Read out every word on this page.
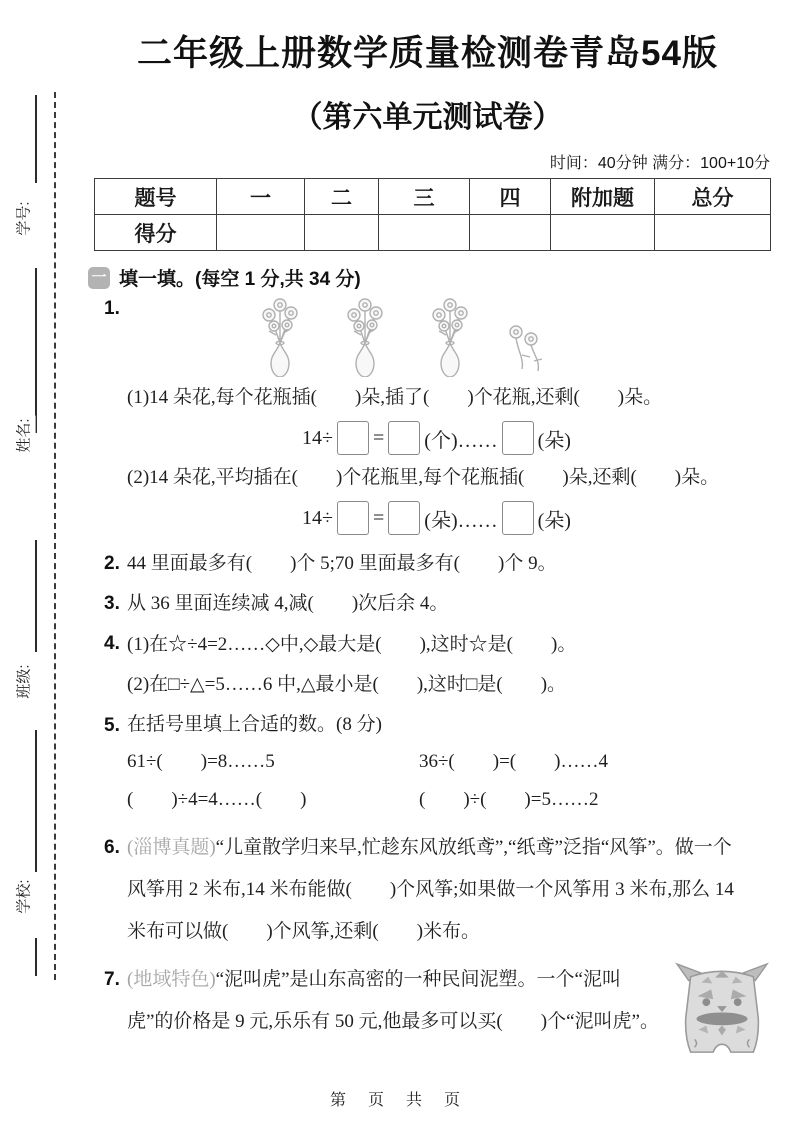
学号:
姓名:
班级:
学校:
二年级上册数学质量检测卷青岛54版
（第六单元测试卷）
时间：40分钟 满分：100+10分
题号	一	二	三	四	附加题	总分
得分						
一 填一填。(每空 1 分,共 34 分)
1.

(1)14 朵花,每个花瓶插(　　)朵,插了(　　)个花瓶,还剩(　　)朵。

14÷ = (个)…… (朵)

(2)14 朵花,平均插在(　　)个花瓶里,每个花瓶插(　　)朵,还剩(　　)朵。

14÷ = (朵)…… (朵)
2. 44 里面最多有(　　)个 5;70 里面最多有(　　)个 9。

3. 从 36 里面连续减 4,减(　　)次后余 4。

4. (1)在☆÷4=2……◇中,◇最大是(　　),这时☆是(　　)。

(2)在□÷△=5……6 中,△最小是(　　),这时□是(　　)。

5. 在括号里填上合适的数。(8 分)

61÷(　　)=8……5	36÷(　　)=(　　)……4
(　　)÷4=4……(　　)	(　　)÷(　　)=5……2
6. (淄博真题)“儿童散学归来早,忙趁东风放纸鸢”,“纸鸢”泛指“风筝”。做一个风筝用 2 米布,14 米布能做(　　)个风筝;如果做一个风筝用 3 米布,那么 14 米布可以做(　　)个风筝,还剩(　　)米布。

7. (地域特色)“泥叫虎”是山东高密的一种民间泥塑。一个“泥叫虎”的价格是 9 元,乐乐有 50 元,他最多可以买(　　)个“泥叫虎”。

第　页　共　页
